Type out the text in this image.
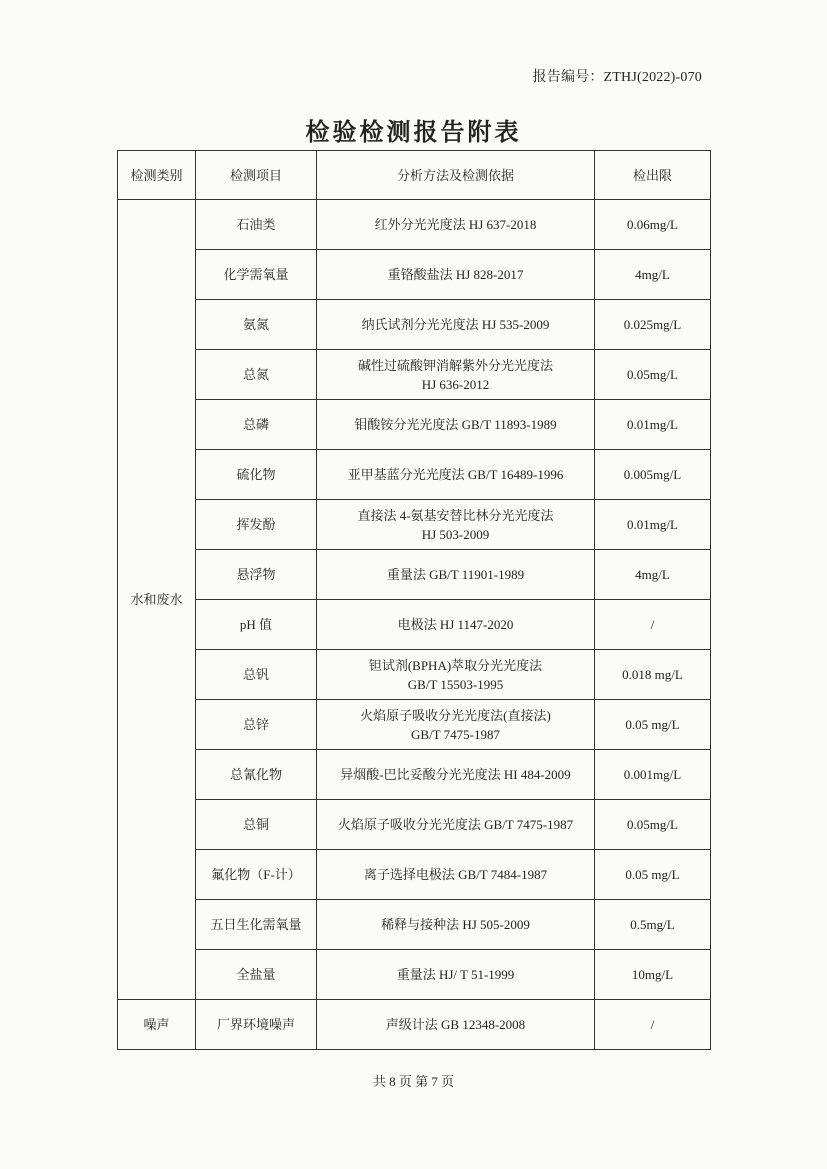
报告编号：ZTHJ(2022)-070
检验检测报告附表
检测类别	检测项目	分析方法及检测依据	检出限
水和废水	石油类	红外分光光度法 HJ 637-2018	0.06mg/L
	化学需氧量	重铬酸盐法 HJ 828-2017	4mg/L
	氨氮	纳氏试剂分光光度法 HJ 535-2009	0.025mg/L
	总氮	碱性过硫酸钾消解紫外分光光度法
HJ 636-2012	0.05mg/L
	总磷	钼酸铵分光光度法 GB/T 11893-1989	0.01mg/L
	硫化物	亚甲基蓝分光光度法 GB/T 16489-1996	0.005mg/L
	挥发酚	直接法 4-氨基安替比林分光光度法
HJ 503-2009	0.01mg/L
	悬浮物	重量法 GB/T 11901-1989	4mg/L
	pH 值	电极法 HJ 1147-2020	/
	总钒	钽试剂(BPHA)萃取分光光度法
GB/T 15503-1995	0.018 mg/L
	总锌	火焰原子吸收分光光度法(直接法)
GB/T 7475-1987	0.05 mg/L
	总氰化物	异烟酸-巴比妥酸分光光度法 HI 484-2009	0.001mg/L
	总铜	火焰原子吸收分光光度法 GB/T 7475-1987	0.05mg/L
	氟化物（F-计）	离子选择电极法 GB/T 7484-1987	0.05 mg/L
	五日生化需氧量	稀释与接种法 HJ 505-2009	0.5mg/L
	全盐量	重量法 HJ/ T 51-1999	10mg/L
噪声	厂界环境噪声	声级计法 GB 12348-2008	/
共 8 页 第 7 页
